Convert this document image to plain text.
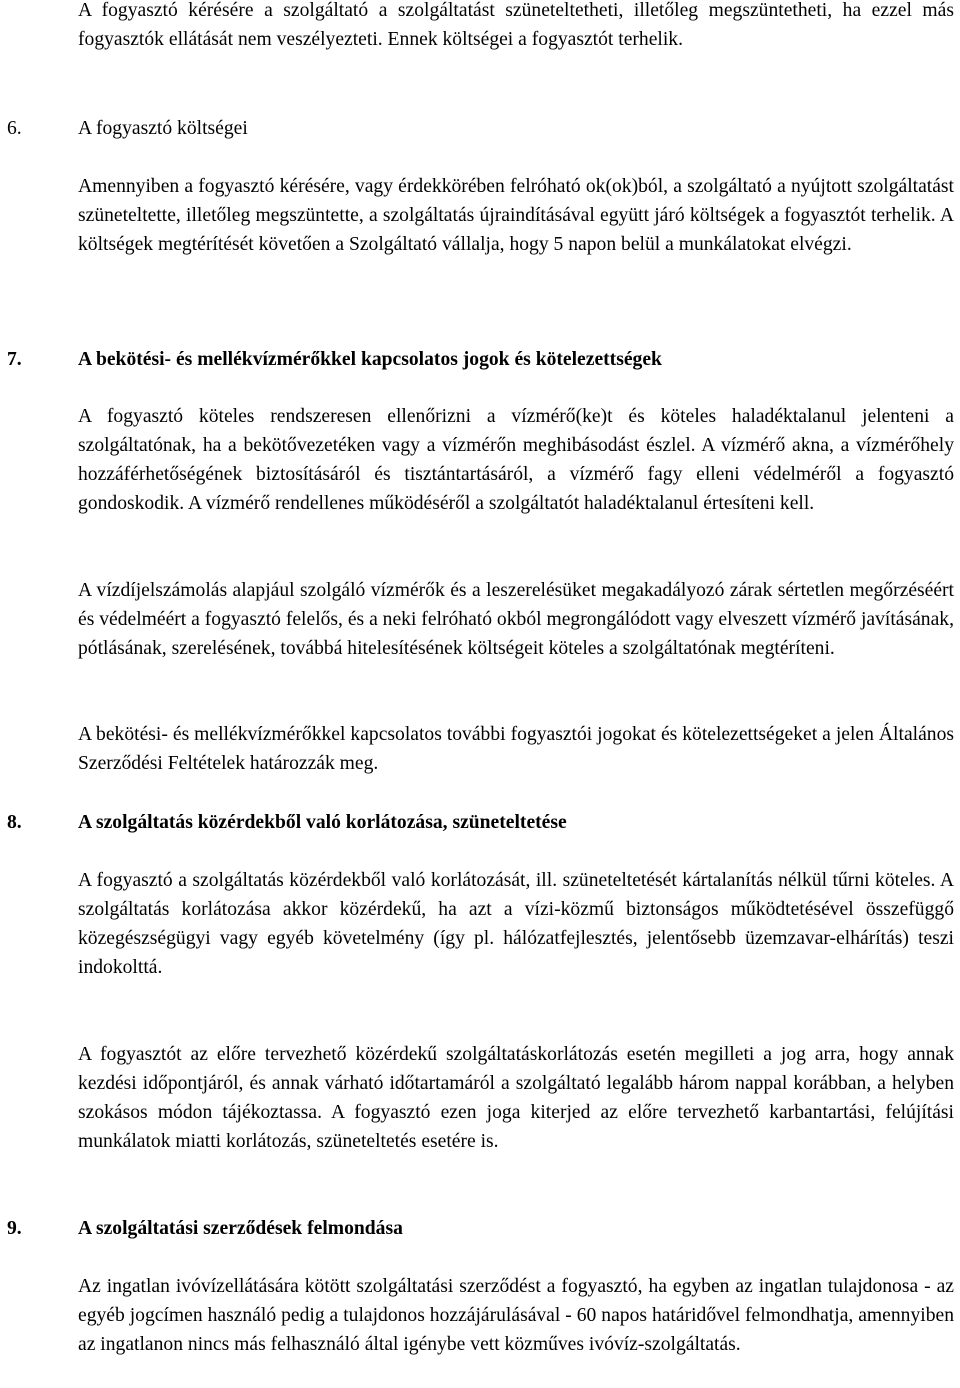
A fogyasztó kérésére a szolgáltató a szolgáltatást szüneteltetheti, illetőleg megszüntetheti, ha ezzel más fogyasztók ellátását nem veszélyezteti. Ennek költségei a fogyasztót terhelik.

6.	A fogyasztó költségei

Amennyiben a fogyasztó kérésére, vagy érdekkörében felróható ok(ok)ból, a szolgáltató a nyújtott szolgáltatást szüneteltette, illetőleg megszüntette, a szolgáltatás újraindításával együtt járó költségek a fogyasztót terhelik. A költségek megtérítését követően a Szolgáltató vállalja, hogy 5 napon belül a munkálatokat elvégzi.

7.	A bekötési- és mellékvízmérőkkel kapcsolatos jogok és kötelezettségek

A fogyasztó köteles rendszeresen ellenőrizni a vízmérő(ke)t és köteles haladéktalanul jelenteni a szolgáltatónak, ha a bekötővezetéken vagy a vízmérőn meghibásodást észlel. A vízmérő akna, a vízmérőhely hozzáférhetőségének biztosításáról és tisztántartásáról, a vízmérő fagy elleni védelméről a fogyasztó gondoskodik. A vízmérő rendellenes működéséről a szolgáltatót haladéktalanul értesíteni kell.

A vízdíjelszámolás alapjául szolgáló vízmérők és a leszerelésüket megakadályozó zárak sértetlen megőrzéséért és védelméért a fogyasztó felelős, és a neki felróható okból megrongálódott vagy elveszett vízmérő javításának, pótlásának, szerelésének, továbbá hitelesítésének költségeit köteles a szolgáltatónak megtéríteni.

A bekötési- és mellékvízmérőkkel kapcsolatos további fogyasztói jogokat és kötelezettségeket a jelen Általános Szerződési Feltételek határozzák meg.

8.	A szolgáltatás közérdekből való korlátozása, szüneteltetése

A fogyasztó a szolgáltatás közérdekből való korlátozását, ill. szüneteltetését kártalanítás nélkül tűrni köteles. A szolgáltatás korlátozása akkor közérdekű, ha azt a vízi-közmű biztonságos működtetésével összefüggő közegészségügyi vagy egyéb követelmény (így pl. hálózatfejlesztés, jelentősebb üzemzavar-elhárítás) teszi indokolttá.

A fogyasztót az előre tervezhető közérdekű szolgáltatáskorlátozás esetén megilleti a jog arra, hogy annak kezdési időpontjáról, és annak várható időtartamáról a szolgáltató legalább három nappal korábban, a helyben szokásos módon tájékoztassa. A fogyasztó ezen joga kiterjed az előre tervezhető karbantartási, felújítási munkálatok miatti korlátozás, szüneteltetés esetére is.

9.	A szolgáltatási szerződések felmondása

Az ingatlan ivóvízellátására kötött szolgáltatási szerződést a fogyasztó, ha egyben az ingatlan tulajdonosa - az egyéb jogcímen használó pedig a tulajdonos hozzájárulásával - 60 napos határidővel felmondhatja, amennyiben az ingatlanon nincs más felhasználó által igénybe vett közműves ivóvíz-szolgáltatás.
